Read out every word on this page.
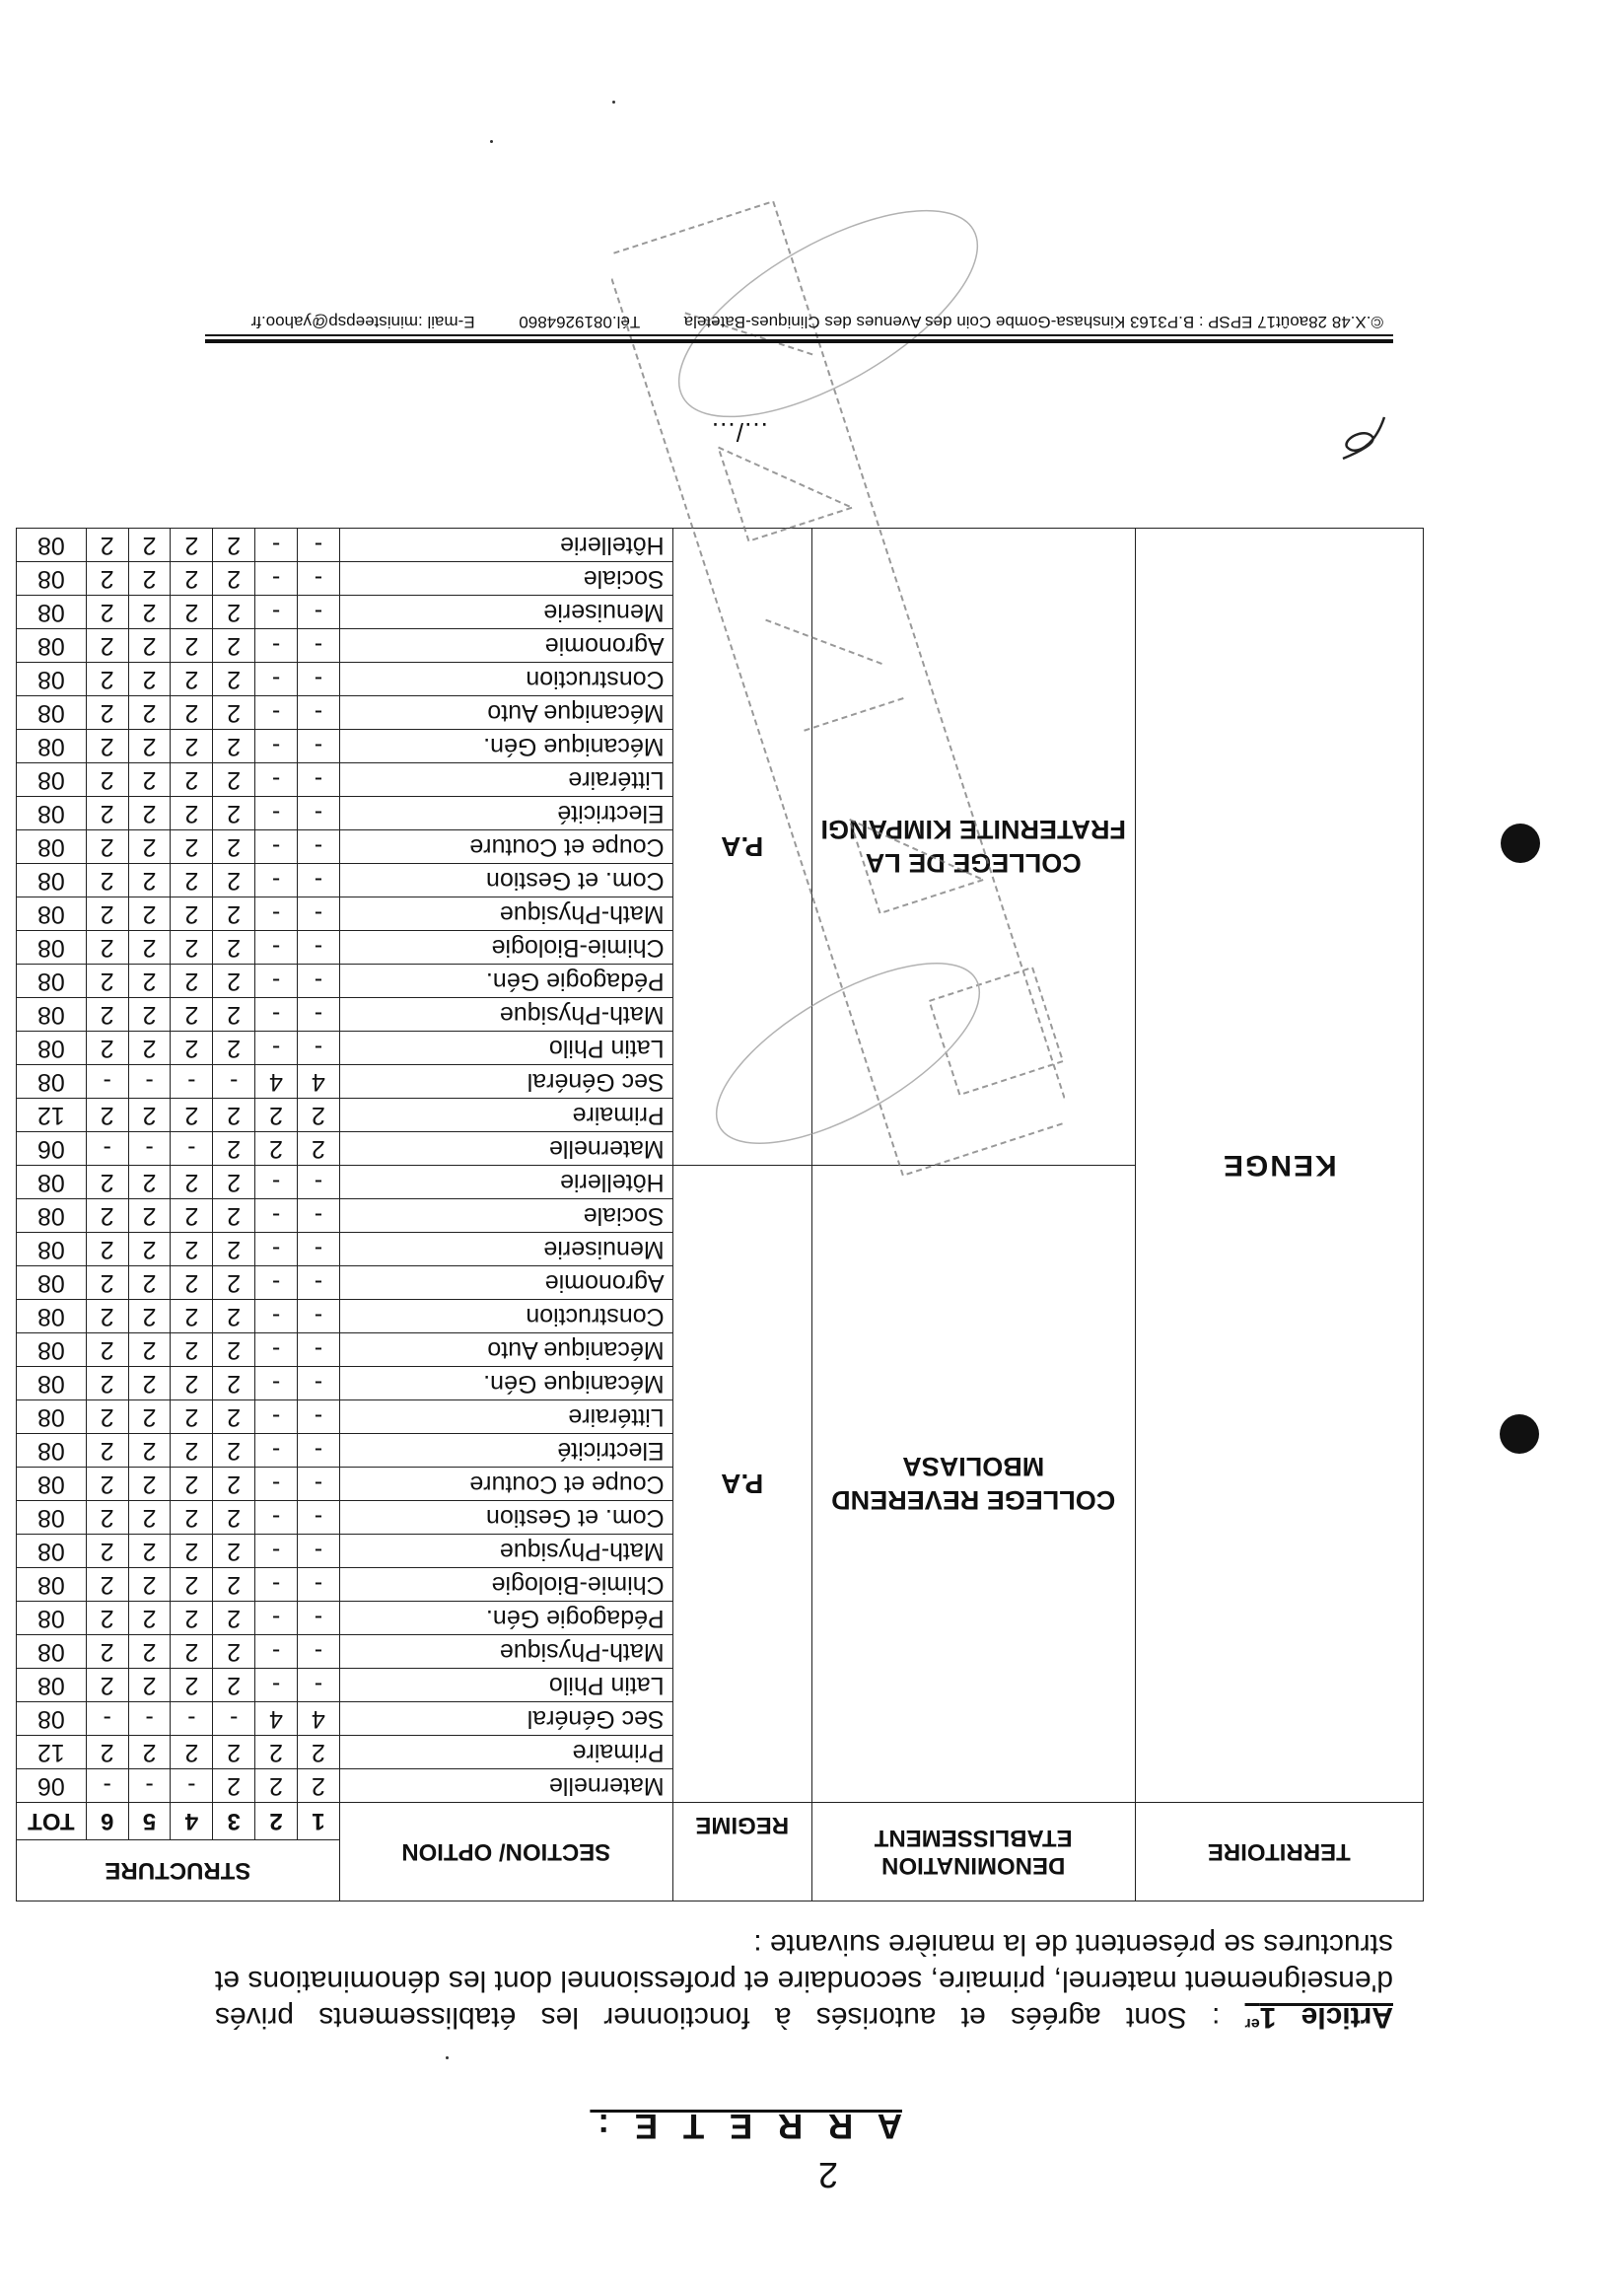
2
A R R E T E :
Article 1er : Sont agréés et autorisés à fonctionner les établissements privés d'enseignement maternel, primaire, secondaire et professionnel dont les dénominations et structures se présentent de la manière suivante :
TERRITOIRE	DENOMINATION ETABLISSEMENT	REGIME	SECTION/ OPTION	STRUCTURE						
				1	2	3	4	5	6	TOT
KENGE	COLLEGE REVEREND MBOLIASA	P.A	Maternelle	2	2	2	-	-	-	06
			Primaire	2	2	2	2	2	2	12
			Sec Général	4	4	-	-	-	-	08
			Latin Philo	-	-	2	2	2	2	08
			Math-Physique	-	-	2	2	2	2	08
			Pédagogie Gén.	-	-	2	2	2	2	08
			Chimie-Biologie	-	-	2	2	2	2	08
			Math-Physique	-	-	2	2	2	2	08
			Com. et Gestion	-	-	2	2	2	2	08
			Coupe et Couture	-	-	2	2	2	2	08
			Electricité	-	-	2	2	2	2	08
			Littéraire	-	-	2	2	2	2	08
			Mécanique Gén.	-	-	2	2	2	2	08
			Mécanique Auto	-	-	2	2	2	2	08
			Construction	-	-	2	2	2	2	08
			Agronomie	-	-	2	2	2	2	08
			Menuiserie	-	-	2	2	2	2	08
			Sociale	-	-	2	2	2	2	08
			Hôtellerie	-	-	2	2	2	2	08
	COLLEGE DE LA FRATERNITE KIMPANGI	P.A	Maternelle	2	2	2	-	-	-	06
			Primaire	2	2	2	2	2	2	12
			Sec Général	4	4	-	-	-	-	08
			Latin Philo	-	-	2	2	2	2	08
			Math-Physique	-	-	2	2	2	2	08
			Pédagogie Gén.	-	-	2	2	2	2	08
			Chimie-Biologie	-	-	2	2	2	2	08
			Math-Physique	-	-	2	2	2	2	08
			Com. et Gestion	-	-	2	2	2	2	08
			Coupe et Couture	-	-	2	2	2	2	08
			Electricité	-	-	2	2	2	2	08
			Littéraire	-	-	2	2	2	2	08
			Mécanique Gén.	-	-	2	2	2	2	08
			Mécanique Auto	-	-	2	2	2	2	08
			Construction	-	-	2	2	2	2	08
			Agronomie	-	-	2	2	2	2	08
			Menuiserie	-	-	2	2	2	2	08
			Sociale	-	-	2	2	2	2	08
			Hôtellerie	-	-	2	2	2	2	08
…/…
©.X.48 28août17 EPSP : B.P3163 Kinshasa-Gombe Coin des Avenues des Cliniques-Batetela Tél.0819264860 E-mail :ministeepsp@yahoo.fr
